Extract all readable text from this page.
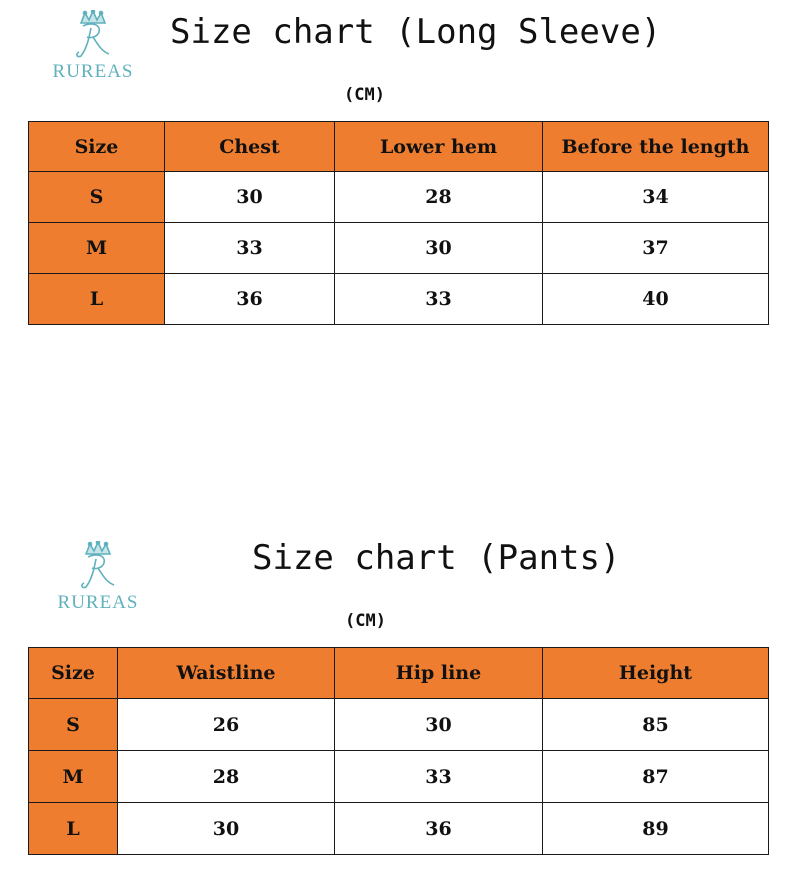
RUREAS
Size chart (Long Sleeve)
(CM)
Size	Chest	Lower hem	Before the length
S	30	28	34
M	33	30	37
L	36	33	40
RUREAS
Size chart (Pants)
(CM)
Size	Waistline	Hip line	Height
S	26	30	85
M	28	33	87
L	30	36	89
